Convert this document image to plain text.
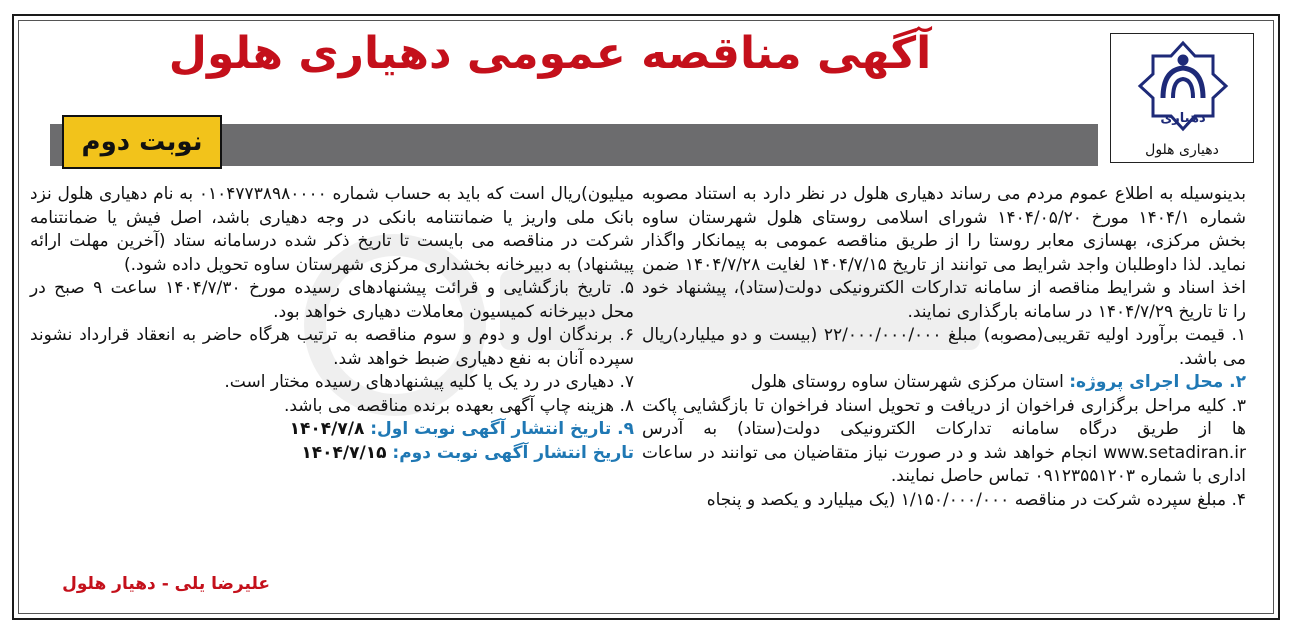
آگهی مناقصه عمومی دهیاری هلول
نوبت دوم
دهیاری
دهیاری هلول

بدینوسیله به اطلاع عموم مردم می رساند دهیاری هلول در نظر دارد به استناد مصوبه شماره ۱۴۰۴/۱ مورخ ۱۴۰۴/۰۵/۲۰ شورای اسلامی روستای هلول شهرستان ساوه بخش مرکزی، بهسازی معابر روستا را از طریق مناقصه عمومی به پیمانکار واگذار نماید. لذا داوطلبان واجد شرایط می توانند از تاریخ ۱۴۰۴/۷/۱۵ لغایت ۱۴۰۴/۷/۲۸ ضمن اخذ اسناد و شرایط مناقصه از سامانه تدارکات الکترونیکی دولت(ستاد)، پیشنهاد خود را تا تاریخ ۱۴۰۴/۷/۲۹ در سامانه بارگذاری نمایند.

۱. قیمت برآورد اولیه تقریبی(مصوبه) مبلغ ۲۲/۰۰۰/۰۰۰/۰۰۰ (بیست و دو میلیارد)ریال می باشد.

۲. محل اجرای پروژه: استان مرکزی شهرستان ساوه روستای هلول

۳. کلیه مراحل برگزاری فراخوان از دریافت و تحویل اسناد فراخوان تا بازگشایی پاکت ها از طریق درگاه سامانه تدارکات الکترونیکی دولت(ستاد) به آدرس www.setadiran.ir انجام خواهد شد و در صورت نیاز متقاضیان می توانند در ساعات اداری با شماره ۰۹۱۲۳۵۵۱۲۰۳ تماس حاصل نمایند.

۴. مبلغ سپرده شرکت در مناقصه ۱/۱۵۰/۰۰۰/۰۰۰ (یک میلیارد و یکصد و پنجاه

میلیون)ریال است که باید به حساب شماره ۰۱۰۴۷۷۳۸۹۸۰۰۰۰ به نام دهیاری هلول نزد بانک ملی واریز یا ضمانتنامه بانکی در وجه دهیاری باشد، اصل فیش یا ضمانتنامه شرکت در مناقصه می بایست تا تاریخ ذکر شده درسامانه ستاد (آخرین مهلت ارائه پیشنهاد) به دبیرخانه بخشداری مرکزی شهرستان ساوه تحویل داده شود.)

۵. تاریخ بازگشایی و قرائت پیشنهادهای رسیده مورخ ۱۴۰۴/۷/۳۰ ساعت ۹ صبح در محل دبیرخانه کمیسیون معاملات دهیاری خواهد بود.

۶. برندگان اول و دوم و سوم مناقصه به ترتیب هرگاه حاضر به انعقاد قرارداد نشوند سپرده آنان به نفع دهیاری ضبط خواهد شد.

۷. دهیاری در رد یک یا کلیه پیشنهادهای رسیده مختار است.

۸. هزینه چاپ آگهی بعهده برنده مناقصه می باشد.

۹. تاریخ انتشار آگهی نوبت اول: ۱۴۰۴/۷/۸

تاریخ انتشار آگهی نوبت دوم: ۱۴۰۴/۷/۱۵

علیرضا یلی - دهیار هلول
